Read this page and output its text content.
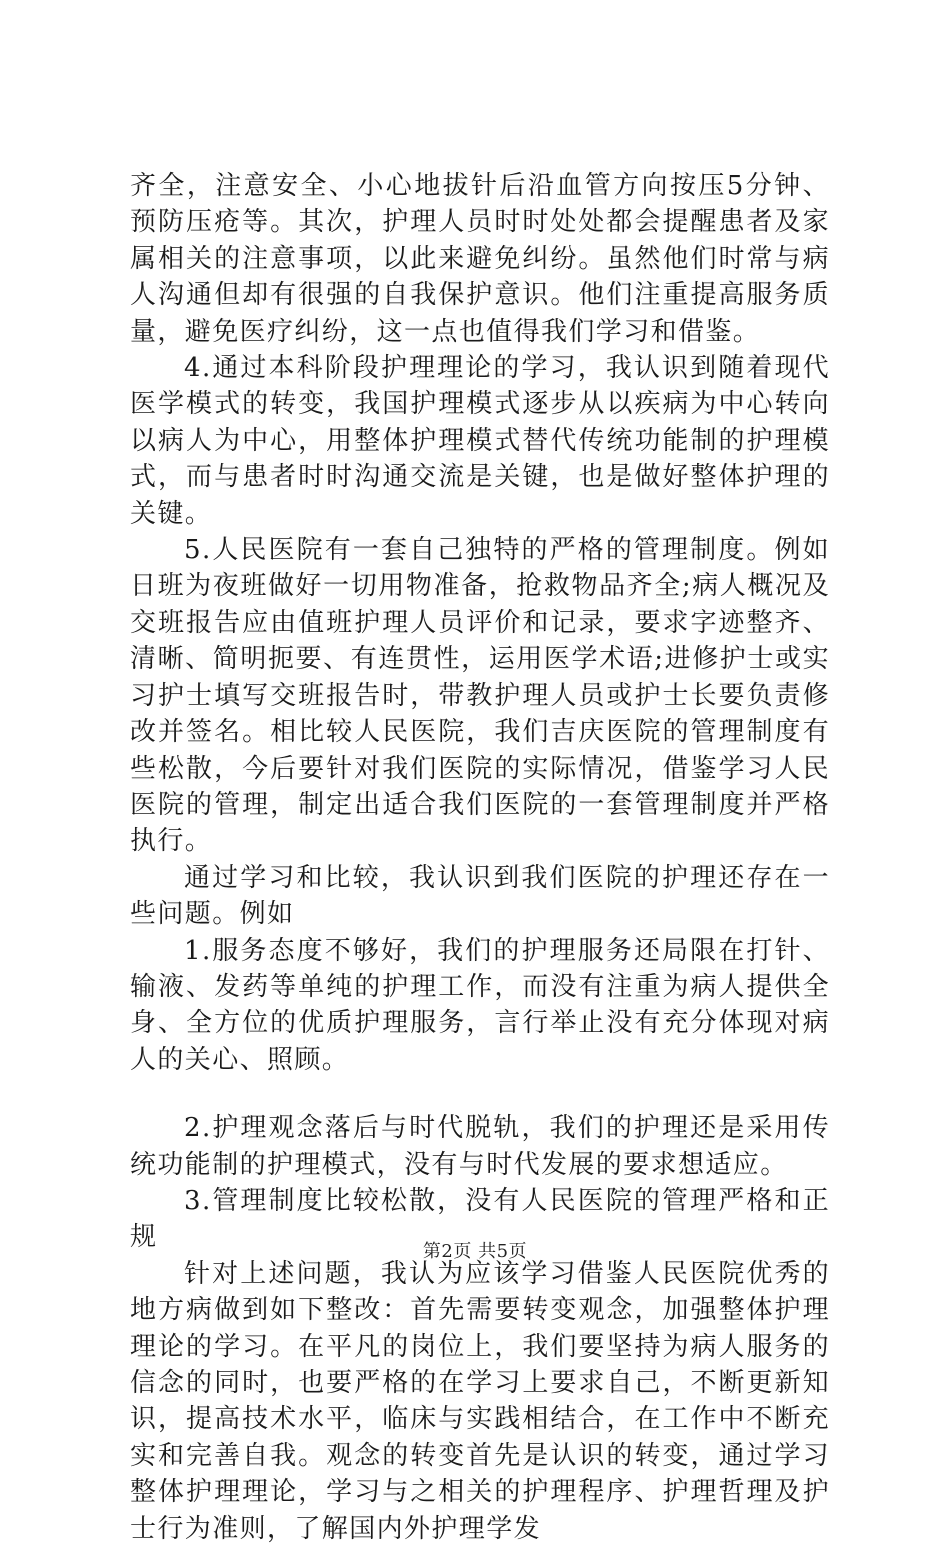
齐全，注意安全、小心地拔针后沿血管方向按压5分钟、预防压疮等。其次，护理人员时时处处都会提醒患者及家属相关的注意事项，以此来避免纠纷。虽然他们时常与病人沟通但却有很强的自我保护意识。他们注重提高服务质量，避免医疗纠纷，这一点也值得我们学习和借鉴。

4.通过本科阶段护理理论的学习，我认识到随着现代医学模式的转变，我国护理模式逐步从以疾病为中心转向以病人为中心，用整体护理模式替代传统功能制的护理模式，而与患者时时沟通交流是关键，也是做好整体护理的关键。

5.人民医院有一套自己独特的严格的管理制度。例如日班为夜班做好一切用物准备，抢救物品齐全;病人概况及交班报告应由值班护理人员评价和记录，要求字迹整齐、清晰、简明扼要、有连贯性，运用医学术语;进修护士或实习护士填写交班报告时，带教护理人员或护士长要负责修改并签名。相比较人民医院，我们吉庆医院的管理制度有些松散，今后要针对我们医院的实际情况，借鉴学习人民医院的管理，制定出适合我们医院的一套管理制度并严格执行。

通过学习和比较，我认识到我们医院的护理还存在一些问题。例如

1.服务态度不够好，我们的护理服务还局限在打针、输液、发药等单纯的护理工作，而没有注重为病人提供全身、全方位的优质护理服务，言行举止没有充分体现对病人的关心、照顾。

2.护理观念落后与时代脱轨，我们的护理还是采用传统功能制的护理模式，没有与时代发展的要求想适应。

3.管理制度比较松散，没有人民医院的管理严格和正规

针对上述问题，我认为应该学习借鉴人民医院优秀的地方病做到如下整改：首先需要转变观念，加强整体护理理论的学习。在平凡的岗位上，我们要坚持为病人服务的信念的同时，也要严格的在学习上要求自己，不断更新知识，提高技术水平，临床与实践相结合，在工作中不断充实和完善自我。观念的转变首先是认识的转变，通过学习整体护理理论，学习与之相关的护理程序、护理哲理及护士行为准则，了解国内外护理学发

第2页 共5页
